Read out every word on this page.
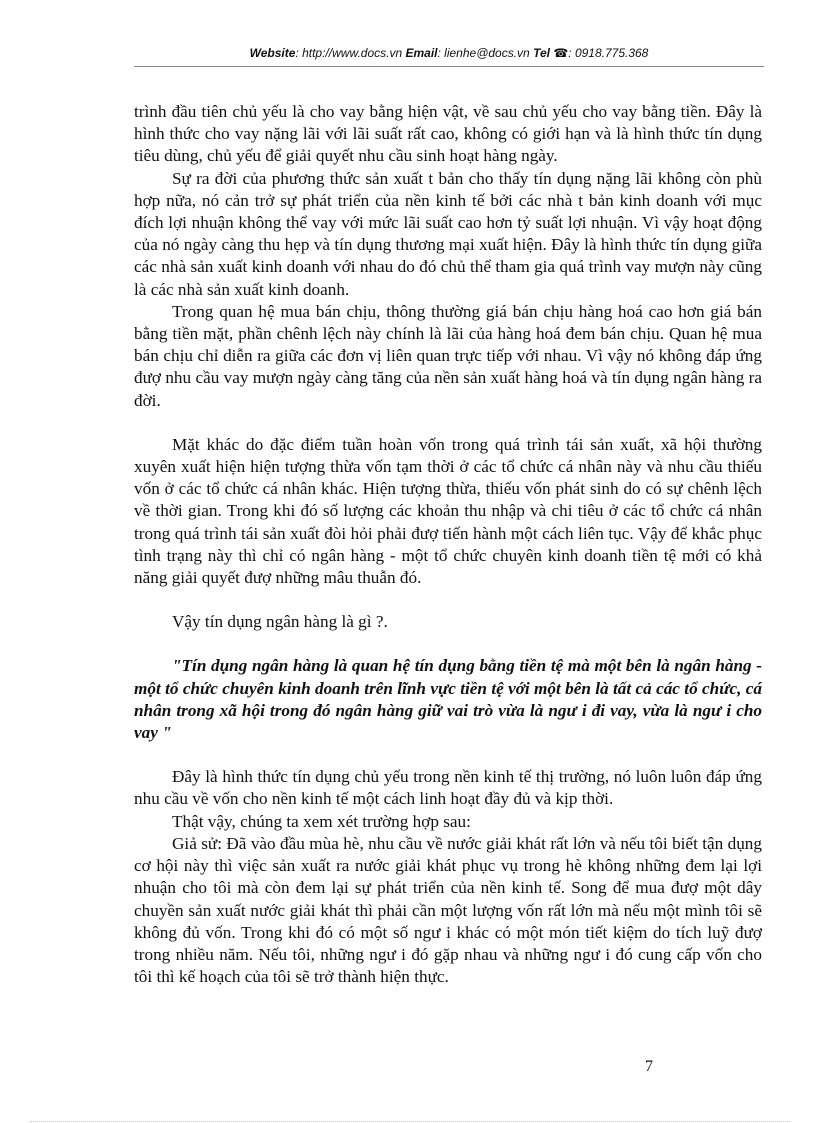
Website: http://www.docs.vn Email: lienhe@docs.vn Tel ☎: 0918.775.368

trình đầu tiên chủ yếu là cho vay bằng hiện vật, về sau chủ yếu cho vay bằng tiền. Đây là hình thức cho vay nặng lãi với lãi suất rất cao, không có giới hạn và là hình thức tín dụng tiêu dùng, chủ yếu để giải quyết nhu cầu sinh hoạt hàng ngày.

Sự ra đời của phương thức sản xuất t bản cho thấy tín dụng nặng lãi không còn phù hợp nữa, nó cản trở sự phát triển của nền kinh tế bởi các nhà t bản kinh doanh với mục đích lợi nhuận không thể vay với mức lãi suất cao hơn tỷ suất lợi nhuận. Vì vậy hoạt động của nó ngày càng thu hẹp và tín dụng thương mại xuất hiện. Đây là hình thức tín dụng giữa các nhà sản xuất kinh doanh với nhau do đó chủ thể tham gia quá trình vay mượn này cũng là các nhà sản xuất kinh doanh.

Trong quan hệ mua bán chịu, thông thường giá bán chịu hàng hoá cao hơn giá bán bằng tiền mặt, phần chênh lệch này chính là lãi của hàng hoá đem bán chịu. Quan hệ mua bán chịu chỉ diễn ra giữa các đơn vị liên quan trực tiếp với nhau. Vì vậy nó không đáp ứng đượ nhu cầu vay mượn ngày càng tăng của nền sản xuất hàng hoá và tín dụng ngân hàng ra đời.

Mặt khác do đặc điểm tuần hoàn vốn trong quá trình tái sản xuất, xã hội thường xuyên xuất hiện hiện tượng thừa vốn tạm thời ở các tổ chức cá nhân này và nhu cầu thiếu vốn ở các tổ chức cá nhân khác. Hiện tượng thừa, thiếu vốn phát sinh do có sự chênh lệch về thời gian. Trong khi đó số lượng các khoản thu nhập và chi tiêu ở các tổ chức cá nhân trong quá trình tái sản xuất đòi hỏi phải đượ tiến hành một cách liên tục. Vậy để khắc phục tình trạng này thì chỉ có ngân hàng - một tổ chức chuyên kinh doanh tiền tệ mới có khả năng giải quyết đượ những mâu thuẫn đó.

Vậy tín dụng ngân hàng là gì ?.

"Tín dụng ngân hàng là quan hệ tín dụng bằng tiền tệ mà một bên là ngân hàng - một tổ chức chuyên kinh doanh trên lĩnh vực tiền tệ với một bên là tất cả các tổ chức, cá nhân trong xã hội trong đó ngân hàng giữ vai trò vừa là ngư i đi vay, vừa là ngư i cho vay "

Đây là hình thức tín dụng chủ yếu trong nền kinh tế thị trường, nó luôn luôn đáp ứng nhu cầu về vốn cho nền kinh tế một cách linh hoạt đầy đủ và kịp thời.

Thật vậy, chúng ta xem xét trường hợp sau:

Giả sử: Đã vào đầu mùa hè, nhu cầu về nước giải khát rất lớn và nếu tôi biết tận dụng cơ hội này thì việc sản xuất ra nước giải khát phục vụ trong hè không những đem lại lợi nhuận cho tôi mà còn đem lại sự phát triển của nền kinh tế. Song để mua đượ một dây chuyền sản xuất nước giải khát thì phải cần một lượng vốn rất lớn mà nếu một mình tôi sẽ không đủ vốn. Trong khi đó có một số ngư i khác có một món tiết kiệm do tích luỹ đượ trong nhiều năm. Nếu tôi, những ngư i đó gặp nhau và những ngư i đó cung cấp vốn cho tôi thì kế hoạch của tôi sẽ trở thành hiện thực.

7
